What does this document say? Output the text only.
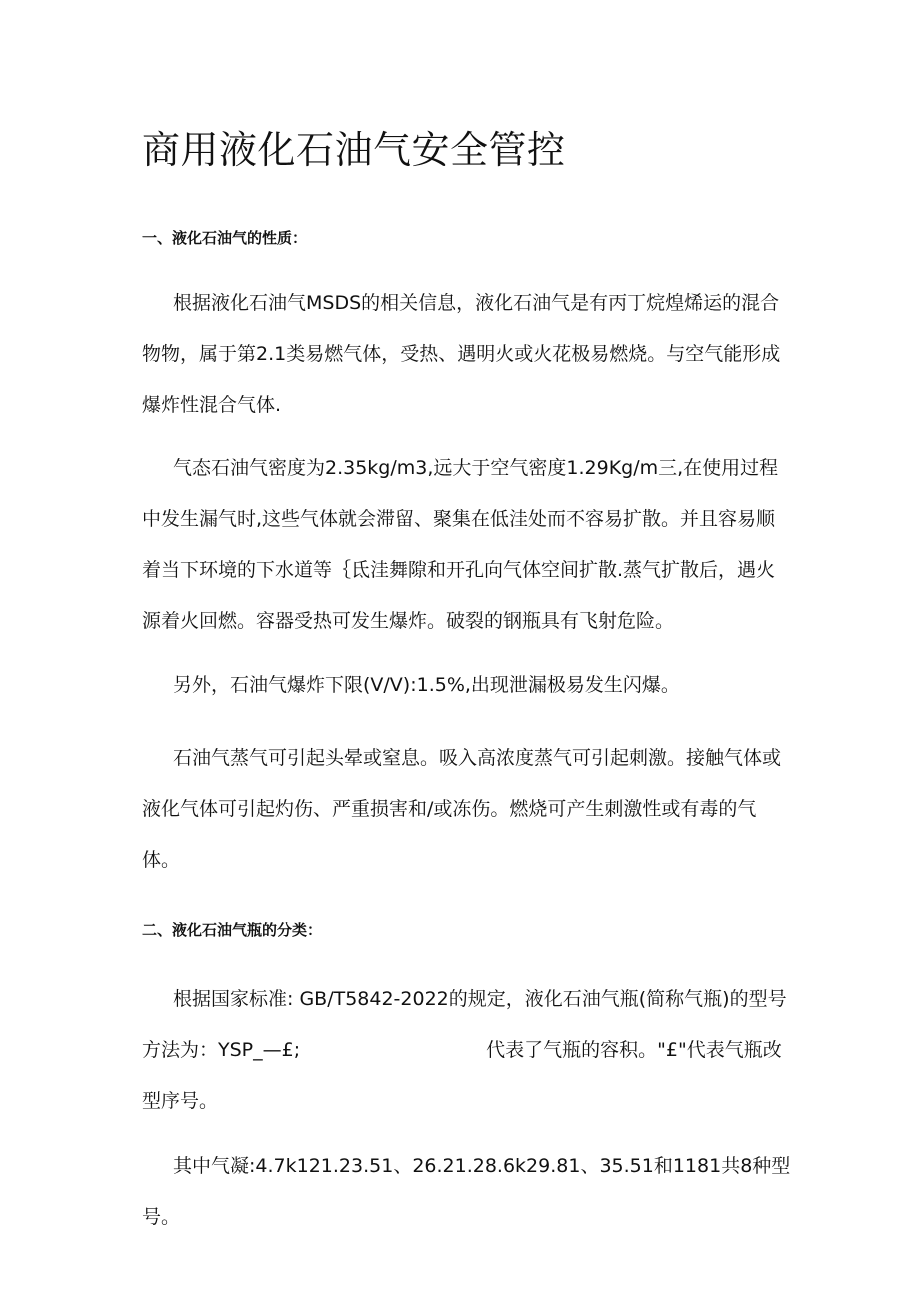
商用液化石油气安全管控
一、液化石油气的性质：

根据液化石油气MSDS的相关信息，液化石油气是有丙丁烷煌烯运的混合物物，属于第2.1类易燃气体，受热、遇明火或火花极易燃烧。与空气能形成爆炸性混合气体.

气态石油气密度为2.35kg∕m3,远大于空气密度1.29Kg∕m三,在使用过程中发生漏气时,这些气体就会滞留、聚集在低洼处而不容易扩散。并且容易顺着当下环境的下水道等｛氐洼舞隙和开孔向气体空间扩散.蒸气扩散后，遇火源着火回燃。容器受热可发生爆炸。破裂的钢瓶具有飞射危险。

另外，石油气爆炸下限(V/V):1.5%,出现泄漏极易发生闪爆。

石油气蒸气可引起头晕或窒息。吸入高浓度蒸气可引起刺激。接触气体或液化气体可引起灼伤、严重损害和/或冻伤。燃烧可产生刺激性或有毒的气体。

二、液化石油气瓶的分类：

根据国家标准: GB/T5842-2022的规定，液化石油气瓶(简称气瓶)的型号方法为：YSP_—£;	代表了气瓶的容积。"£"代表气瓶改型序号。

其中气凝:4.7k121.23.51、26.21.28.6k29.81、35.51和1181共8种型号。
